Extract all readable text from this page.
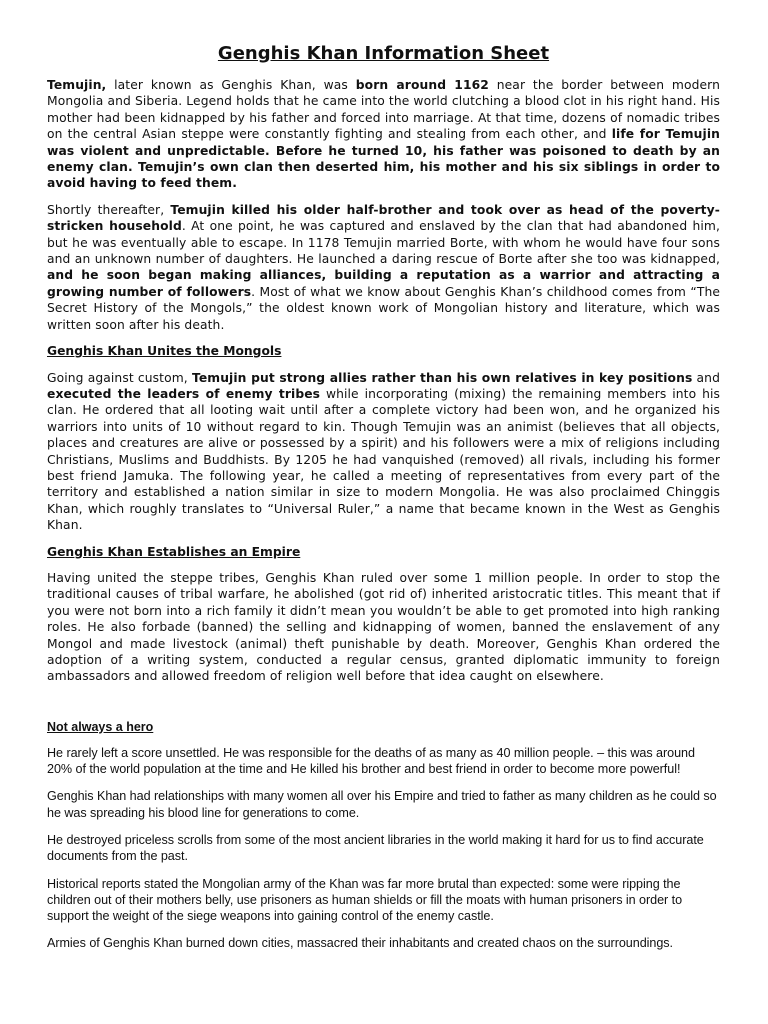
Genghis Khan Information Sheet

Temujin, later known as Genghis Khan, was born around 1162 near the border between modern Mongolia and Siberia. Legend holds that he came into the world clutching a blood clot in his right hand. His mother had been kidnapped by his father and forced into marriage. At that time, dozens of nomadic tribes on the central Asian steppe were constantly fighting and stealing from each other, and life for Temujin was violent and unpredictable. Before he turned 10, his father was poisoned to death by an enemy clan. Temujin’s own clan then deserted him, his mother and his six siblings in order to avoid having to feed them.

Shortly thereafter, Temujin killed his older half-brother and took over as head of the poverty-stricken household. At one point, he was captured and enslaved by the clan that had abandoned him, but he was eventually able to escape. In 1178 Temujin married Borte, with whom he would have four sons and an unknown number of daughters. He launched a daring rescue of Borte after she too was kidnapped, and he soon began making alliances, building a reputation as a warrior and attracting a growing number of followers. Most of what we know about Genghis Khan’s childhood comes from “The Secret History of the Mongols,” the oldest known work of Mongolian history and literature, which was written soon after his death.

Genghis Khan Unites the Mongols

Going against custom, Temujin put strong allies rather than his own relatives in key positions and executed the leaders of enemy tribes while incorporating (mixing) the remaining members into his clan. He ordered that all looting wait until after a complete victory had been won, and he organized his warriors into units of 10 without regard to kin. Though Temujin was an animist (believes that all objects, places and creatures are alive or possessed by a spirit) and his followers were a mix of religions including Christians, Muslims and Buddhists. By 1205 he had vanquished (removed) all rivals, including his former best friend Jamuka. The following year, he called a meeting of representatives from every part of the territory and established a nation similar in size to modern Mongolia. He was also proclaimed Chinggis Khan, which roughly translates to “Universal Ruler,” a name that became known in the West as Genghis Khan.

Genghis Khan Establishes an Empire

Having united the steppe tribes, Genghis Khan ruled over some 1 million people. In order to stop the traditional causes of tribal warfare, he abolished (got rid of) inherited aristocratic titles. This meant that if you were not born into a rich family it didn’t mean you wouldn’t be able to get promoted into high ranking roles. He also forbade (banned) the selling and kidnapping of women, banned the enslavement of any Mongol and made livestock (animal) theft punishable by death. Moreover, Genghis Khan ordered the adoption of a writing system, conducted a regular census, granted diplomatic immunity to foreign ambassadors and allowed freedom of religion well before that idea caught on elsewhere.

Not always a hero

He rarely left a score unsettled. He was responsible for the deaths of as many as 40 million people. – this was around 20% of the world population at the time and He killed his brother and best friend in order to become more powerful!

Genghis Khan had relationships with many women all over his Empire and tried to father as many children as he could so he was spreading his blood line for generations to come.

He destroyed priceless scrolls from some of the most ancient libraries in the world making it hard for us to find accurate documents from the past.

Historical reports stated the Mongolian army of the Khan was far more brutal than expected: some were ripping the children out of their mothers belly, use prisoners as human shields or fill the moats with human prisoners in order to support the weight of the siege weapons into gaining control of the enemy castle.

Armies of Genghis Khan burned down cities, massacred their inhabitants and created chaos on the surroundings.
